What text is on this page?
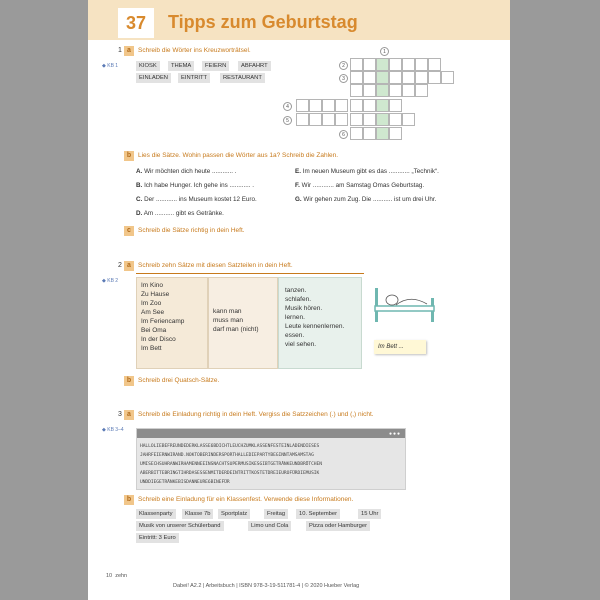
37	Tipps zum Geburtstag
1 a	Schreib die Wörter ins Kreuzworträtsel.
◆ KB 1	KIOSK	THEMA	FEIERN	ABFAHRT
EINLADEN	EINTRITT	RESTAURANT
1
2
3
4
5
6
b	Lies die Sätze. Wohin passen die Wörter aus 1a? Schreib die Zahlen.
A. Wir möchten dich heute ............ .
B. Ich habe Hunger. Ich gehe ins ............ .
C. Der ............ ins Museum kostet 12 Euro.
D. Am ........... gibt es Getränke.
E. Im neuen Museum gibt es das ............ „Technik“.
F. Wir ............ am Samstag Omas Geburtstag.
G. Wir gehen zum Zug. Die ........... ist um drei Uhr.
c	Schreib die Sätze richtig in dein Heft.
2 a	Schreib zehn Sätze mit diesen Satzteilen in dein Heft.
◆ KB 2
Im Kino
Zu Hause
Im Zoo
Am See
Im Feriencamp
Bei Oma
In der Disco
Im Bett
kann man
muss man
darf man (nicht)
tanzen.
schlafen.
Musik hören.
lernen.
Leute kennenlernen.
essen.
viel sehen.	Im Bett ...
b	Schreib drei Quatsch-Sätze.
3 a	Schreib die Einladung richtig in dein Heft. Vergiss die Satzzeichen (.) und (,) nicht.
◆ KB 3–4
●●●
HALLOLIEBEFREUNDEDERKLASSE6BDICHTLEUCHZUMKLASSENFESTEINLADENDIESES
JAHRFEIERNWIRAND.NOKTOBERINDERSPORTHALLEDIEPARTYBEGINNTAMSAMSTAG
UMISECHSUHRANWIRHAMENNEEINSNACHTSUPERMUSIKESGIBTGETRÄNKEUNDBRÖTCHEN
ABERBITTEBRINGTIHRDASESSENMITDERDEINTRITTKOSTETDREIEUROFÜRDIEMUSIK
UNDDIEGETRÄNKEBISDANNEURE6BINEFÜR
b	Schreib eine Einladung für ein Klassenfest. Verwende diese Informationen.
Klassenparty	Klasse 7b	Sportplatz	Freitag	10. September	15 Uhr
Musik von unserer Schülerband	Limo und Cola	Pizza oder Hamburger
Eintritt: 3 Euro
10 zehn
Dabei! A2.2 | Arbeitsbuch | ISBN 978-3-19-511781-4 | © 2020 Hueber Verlag
